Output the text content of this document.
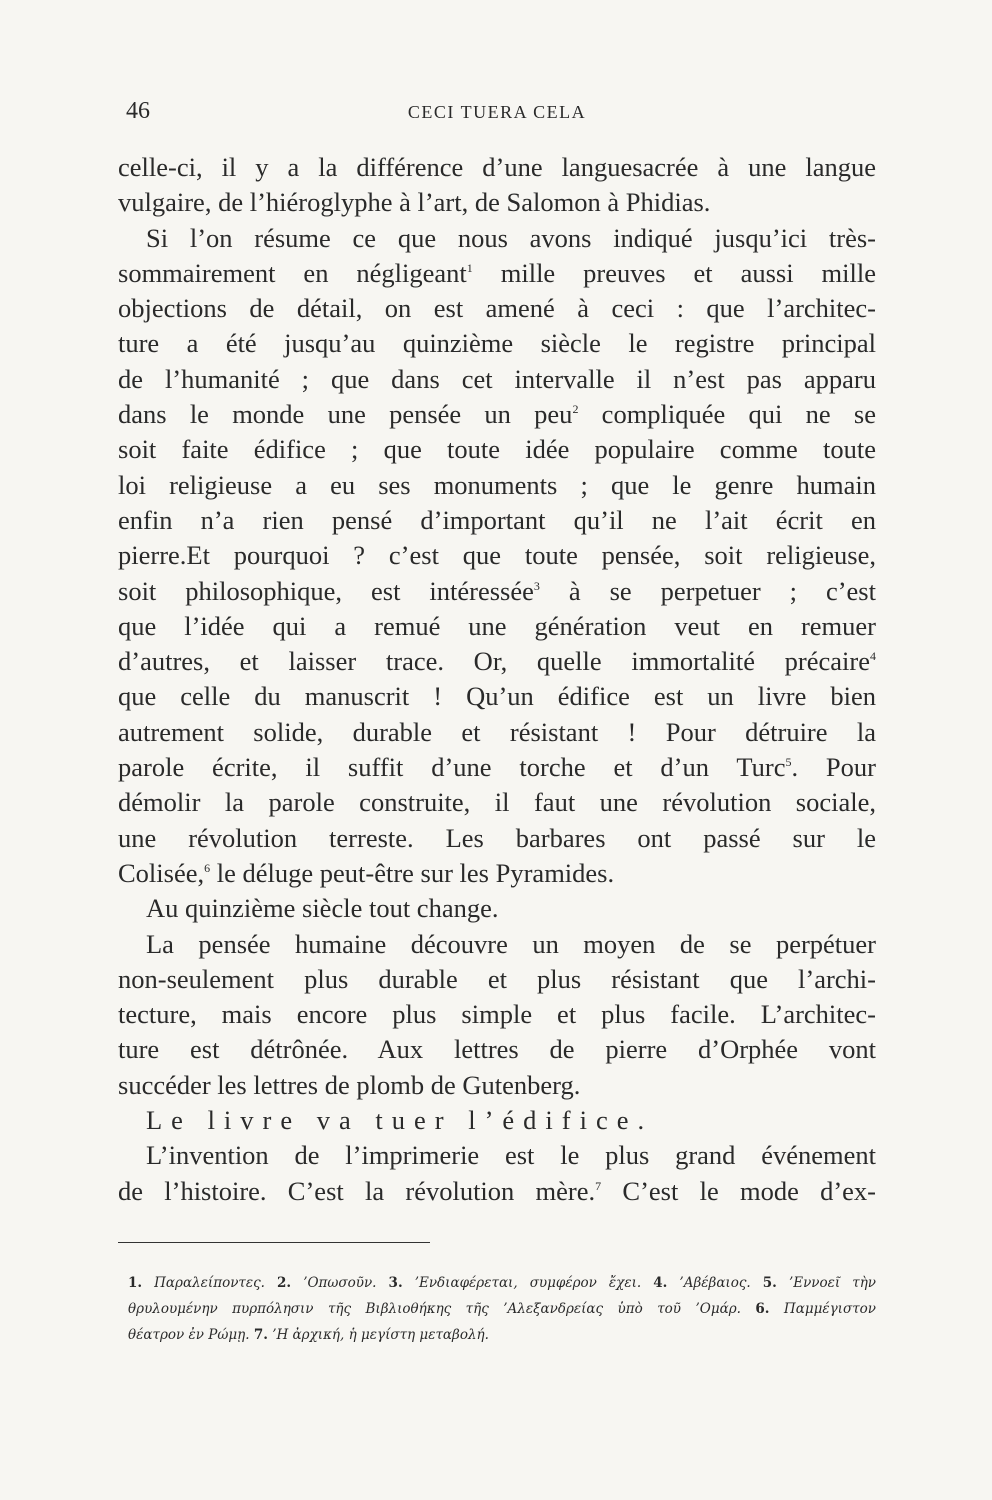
46	CECI TUERA CELA
celle-ci, il y a la différence d’une languesacrée à une langue
vulgaire, de l’hiéroglyphe à l’art, de Salomon à Phidias.
Si l’on résume ce que nous avons indiqué jusqu’ici très-
sommairement en négligeant$^1$ mille preuves et aussi mille
objections de détail, on est amené à ceci : que l’architec-
ture a été jusqu’au quinzième siècle le registre principal
de l’humanité ; que dans cet intervalle il n’est pas apparu
dans le monde une pensée un peu$^2$ compliquée qui ne se
soit faite édifice ; que toute idée populaire comme toute
loi religieuse a eu ses monuments ; que le genre humain
enfin n’a rien pensé d’important qu’il ne l’ait écrit en
pierre.Et pourquoi ? c’est que toute pensée, soit religieuse,
soit philosophique, est intéressée$^3$ à se perpetuer ; c’est
que l’idée qui a remué une génération veut en remuer
d’autres, et laisser trace. Or, quelle immortalité précaire$^4$
que celle du manuscrit ! Qu’un édifice est un livre bien
autrement solide, durable et résistant ! Pour détruire la
parole écrite, il suffit d’une torche et d’un Turc$^5$. Pour
démolir la parole construite, il faut une révolution sociale,
une révolution terreste. Les barbares ont passé sur le
Colisée,$^6$ le déluge peut-être sur les Pyramides.
Au quinzième siècle tout change.
La pensée humaine découvre un moyen de se perpétuer
non-seulement plus durable et plus résistant que l’archi-
tecture, mais encore plus simple et plus facile. L’architec-
ture est détrônée. Aux lettres de pierre d’Orphée vont
succéder les lettres de plomb de Gutenberg.
Le livre va tuer l’édifice.
L’invention de l’imprimerie est le plus grand événement
de l’histoire. C’est la révolution mère.$^7$ C’est le mode d’ex-
1. Παραλείποντες. 2. ’Οπωσοῦν. 3. ’Ενδιαφέρεται, συμφέρον ἔχει. 4. ’Αβέβαιος. 5. ’Εννοεῖ τὴν
θρυλουμένην πυρπόλησιν τῆς Βιβλιοθήκης τῆς ’Αλεξανδρείας ὑπὸ τοῦ ’Ομάρ. 6. Παμμέγιστον
θέατρον ἐν Ρώμῃ. 7. ’Η ἀρχική, ἡ μεγίστη μεταβολή.
